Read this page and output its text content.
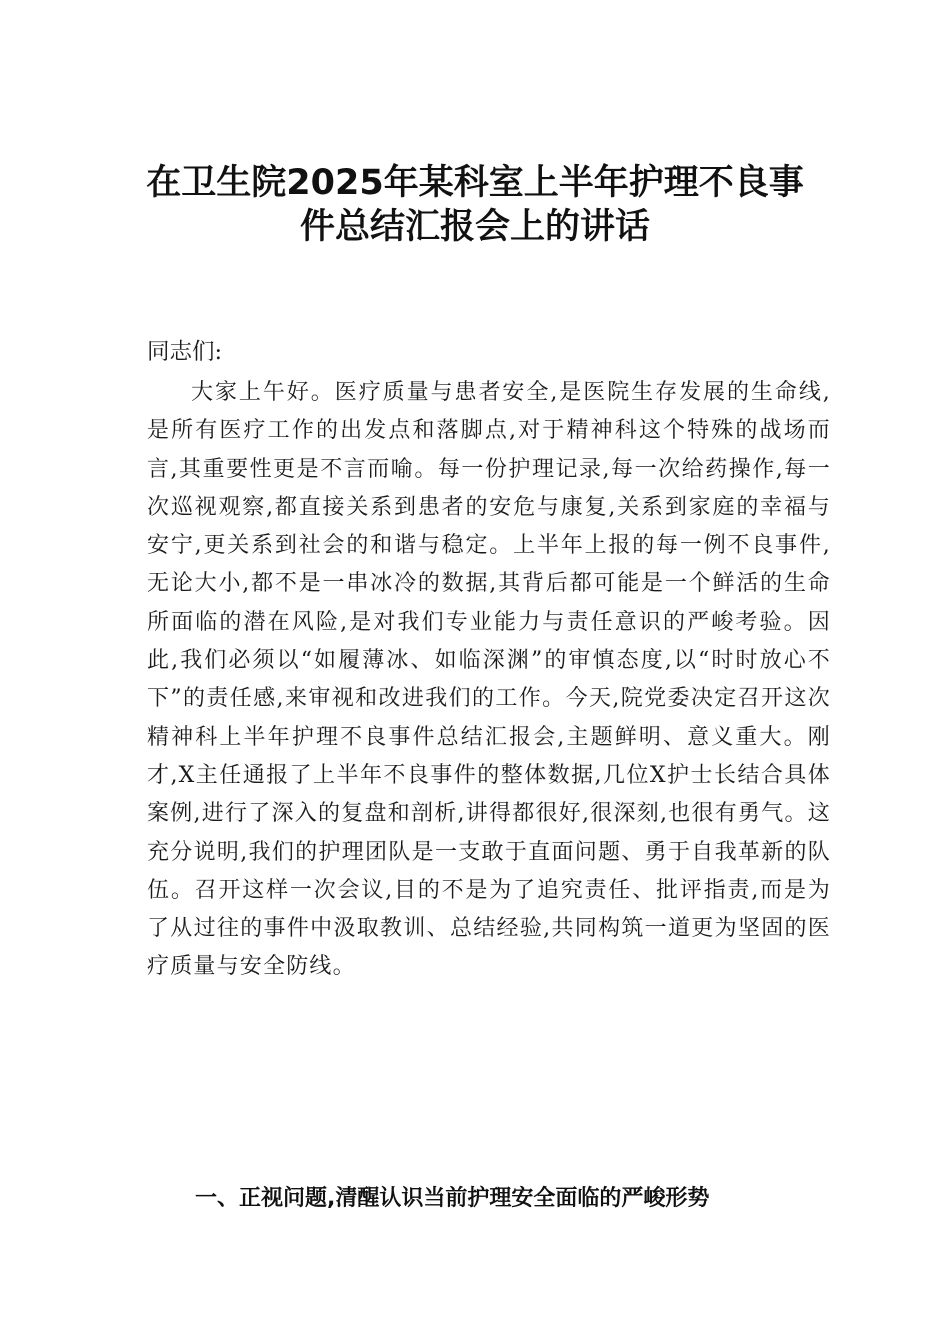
在卫生院2025年某科室上半年护理不良事
件总结汇报会上的讲话
同志们:
大家上午好。医疗质量与患者安全,是医院生存发展的生命线,是所有医疗工作的出发点和落脚点,对于精神科这个特殊的战场而言,其重要性更是不言而喻。每一份护理记录,每一次给药操作,每一次巡视观察,都直接关系到患者的安危与康复,关系到家庭的幸福与安宁,更关系到社会的和谐与稳定。上半年上报的每一例不良事件,无论大小,都不是一串冰冷的数据,其背后都可能是一个鲜活的生命所面临的潜在风险,是对我们专业能力与责任意识的严峻考验。因此,我们必须以“如履薄冰、如临深渊”的审慎态度,以“时时放心不下”的责任感,来审视和改进我们的工作。今天,院党委决定召开这次精神科上半年护理不良事件总结汇报会,主题鲜明、意义重大。刚才,X主任通报了上半年不良事件的整体数据,几位X护士长结合具体案例,进行了深入的复盘和剖析,讲得都很好,很深刻,也很有勇气。这充分说明,我们的护理团队是一支敢于直面问题、勇于自我革新的队伍。召开这样一次会议,目的不是为了追究责任、批评指责,而是为了从过往的事件中汲取教训、总结经验,共同构筑一道更为坚固的医疗质量与安全防线。
一、正视问题,清醒认识当前护理安全面临的严峻形势
